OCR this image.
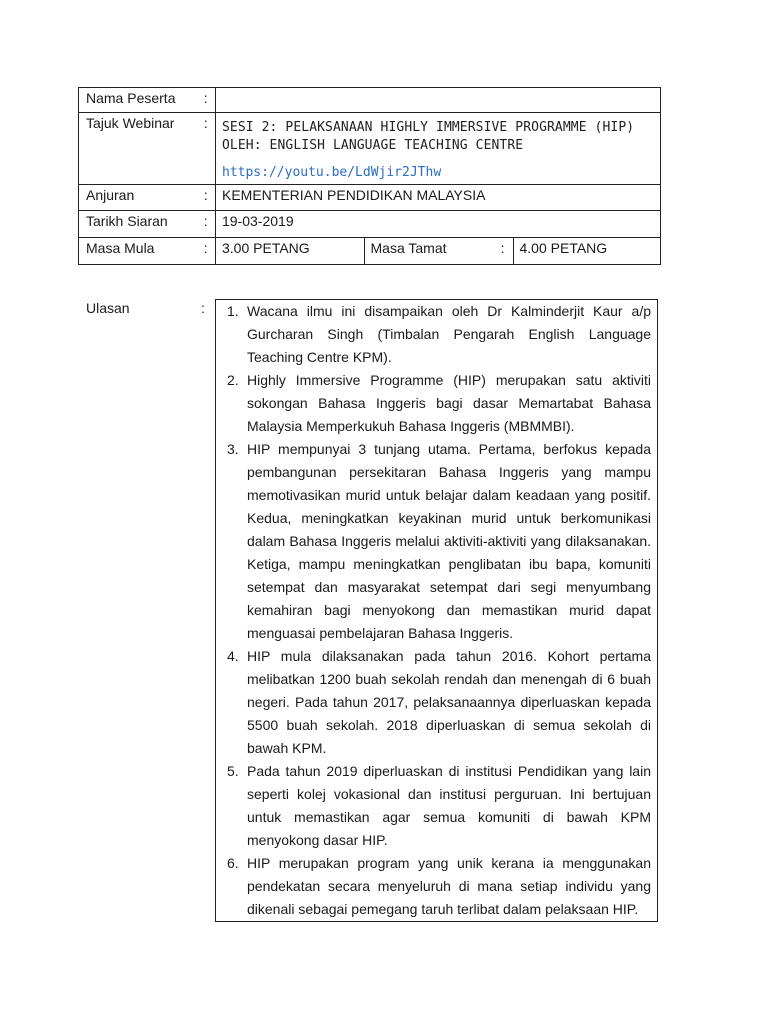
Nama Peserta	:	
Tajuk Webinar	:	SESI 2: PELAKSANAAN HIGHLY IMMERSIVE PROGRAMME (HIP) OLEH: ENGLISH LANGUAGE TEACHING CENTRE
https://youtu.be/LdWjir2JThw

Anjuran	:	KEMENTERIAN PENDIDIKAN MALAYSIA
Tarikh Siaran	:	19-03-2019
Masa Mula	:	3.00 PETANG	Masa Tamat	:	4.00 PETANG
Ulasan	: 1. Wacana ilmu ini disampaikan oleh Dr Kalminderjit Kaur a/p Gurcharan Singh (Timbalan Pengarah English Language Teaching Centre KPM).
2. Highly Immersive Programme (HIP) merupakan satu aktiviti sokongan Bahasa Inggeris bagi dasar Memartabat Bahasa Malaysia Memperkukuh Bahasa Inggeris (MBMMBI).
3. HIP mempunyai 3 tunjang utama. Pertama, berfokus kepada pembangunan persekitaran Bahasa Inggeris yang mampu memotivasikan murid untuk belajar dalam keadaan yang positif. Kedua, meningkatkan keyakinan murid untuk berkomunikasi dalam Bahasa Inggeris melalui aktiviti-aktiviti yang dilaksanakan. Ketiga, mampu meningkatkan penglibatan ibu bapa, komuniti setempat dan masyarakat setempat dari segi menyumbang kemahiran bagi menyokong dan memastikan murid dapat menguasai pembelajaran Bahasa Inggeris.
4. HIP mula dilaksanakan pada tahun 2016. Kohort pertama melibatkan 1200 buah sekolah rendah dan menengah di 6 buah negeri. Pada tahun 2017, pelaksanaannya diperluaskan kepada 5500 buah sekolah. 2018 diperluaskan di semua sekolah di bawah KPM.
5. Pada tahun 2019 diperluaskan di institusi Pendidikan yang lain seperti kolej vokasional dan institusi perguruan. Ini bertujuan untuk memastikan agar semua komuniti di bawah KPM menyokong dasar HIP.
6. HIP merupakan program yang unik kerana ia menggunakan pendekatan secara menyeluruh di mana setiap individu yang dikenali sebagai pemegang taruh terlibat dalam pelaksaan HIP.
